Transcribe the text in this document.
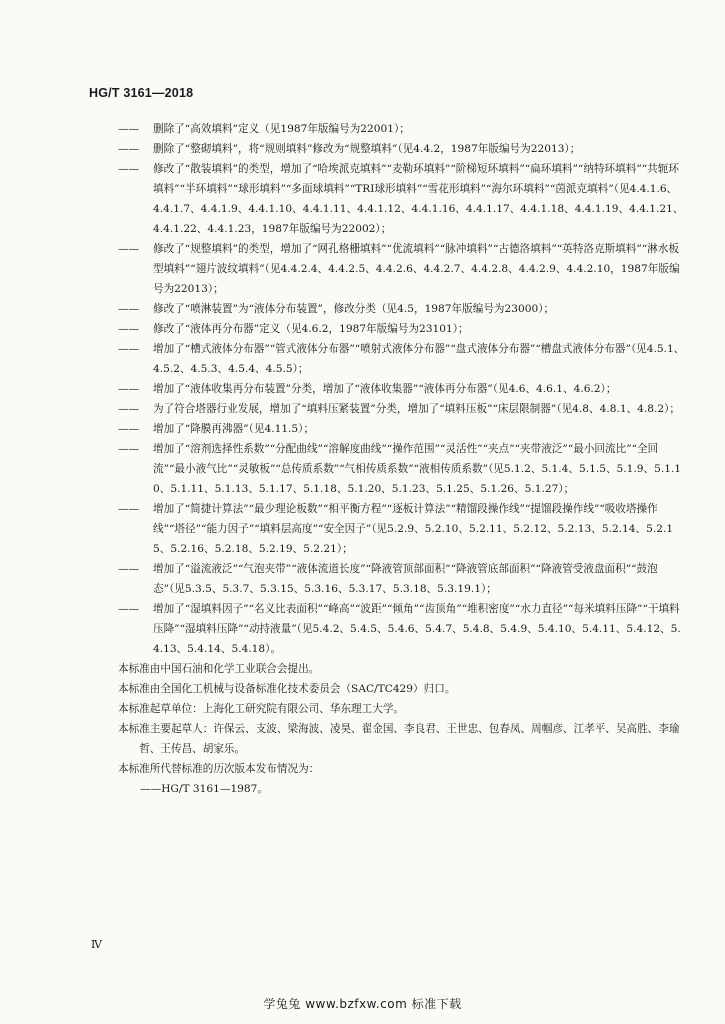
HG/T 3161—2018
—— 删除了“高效填料”定义（见1987年版编号为22001）；
—— 删除了“整砌填料”，将“规则填料”修改为“规整填料”（见4.4.2，1987年版编号为22013）；
—— 修改了“散装填料”的类型，增加了“哈埃派克填料”“麦勒环填料”“阶梯短环填料”“扁环填料”“纳特环填料”“共轭环填料”“半环填料”“球形填料”“多面球填料”“TRI球形填料”“雪花形填料”“海尔环填料”“茵派克填料”（见4.4.1.6、4.4.1.7、4.4.1.9、4.4.1.10、4.4.1.11、4.4.1.12、4.4.1.16、4.4.1.17、4.4.1.18、4.4.1.19、4.4.1.21、4.4.1.22、4.4.1.23，1987年版编号为22002）；
—— 修改了“规整填料”的类型，增加了“网孔格栅填料”“优流填料”“脉冲填料”“古德洛填料”“英特洛克斯填料”“淋水板型填料”“翅片波纹填料”（见4.4.2.4、4.4.2.5、4.4.2.6、4.4.2.7、4.4.2.8、4.4.2.9、4.4.2.10，1987年版编号为22013）；
—— 修改了“喷淋装置”为“液体分布装置”，修改分类（见4.5，1987年版编号为23000）；
—— 修改了“液体再分布器”定义（见4.6.2，1987年版编号为23101）；
—— 增加了“槽式液体分布器”“管式液体分布器”“喷射式液体分布器”“盘式液体分布器”“槽盘式液体分布器”（见4.5.1、4.5.2、4.5.3、4.5.4、4.5.5）；
—— 增加了“液体收集再分布装置”分类，增加了“液体收集器”“液体再分布器”（见4.6、4.6.1、4.6.2）；
—— 为了符合塔器行业发展，增加了“填料压紧装置”分类，增加了“填料压板”“床层限制器”（见4.8、4.8.1、4.8.2）；
—— 增加了“降膜再沸器”（见4.11.5）；
—— 增加了“溶剂选择性系数”“分配曲线”“溶解度曲线”“操作范围”“灵活性”“夹点”“夹带液泛”“最小回流比”“全回流”“最小液气比”“灵敏板”“总传质系数”“气相传质系数”“液相传质系数”（见5.1.2、5.1.4、5.1.5、5.1.9、5.1.10、5.1.11、5.1.13、5.1.17、5.1.18、5.1.20、5.1.23、5.1.25、5.1.26、5.1.27）；
—— 增加了“简捷计算法”“最少理论板数”“相平衡方程”“逐板计算法”“精馏段操作线”“提馏段操作线”“吸收塔操作线”“塔径”“能力因子”“填料层高度”“安全因子”（见5.2.9、5.2.10、5.2.11、5.2.12、5.2.13、5.2.14、5.2.15、5.2.16、5.2.18、5.2.19、5.2.21）；
—— 增加了“溢流液泛”“气泡夹带”“液体流道长度”“降液管顶部面积”“降液管底部面积”“降液管受液盘面积”“鼓泡态”（见5.3.5、5.3.7、5.3.15、5.3.16、5.3.17、5.3.18、5.3.19.1）；
—— 增加了“湿填料因子”“名义比表面积”“峰高”“波距”“倾角”“齿顶角”“堆积密度”“水力直径”“每米填料压降”“干填料压降”“湿填料压降”“动持液量”（见5.4.2、5.4.5、5.4.6、5.4.7、5.4.8、5.4.9、5.4.10、5.4.11、5.4.12、5.4.13、5.4.14、5.4.18）。
本标准由中国石油和化学工业联合会提出。
本标准由全国化工机械与设备标准化技术委员会（SAC/TC429）归口。
本标准起草单位：上海化工研究院有限公司、华东理工大学。
本标准主要起草人：许保云、支波、梁海波、凌昊、翟金国、李良君、王世忠、包春凤、周帼彦、江孝平、吴高胜、李瑜哲、王传昌、胡家乐。
本标准所代替标准的历次版本发布情况为：
——HG/T 3161—1987。
Ⅳ
学兔兔 www.bzfxw.com 标准下载
